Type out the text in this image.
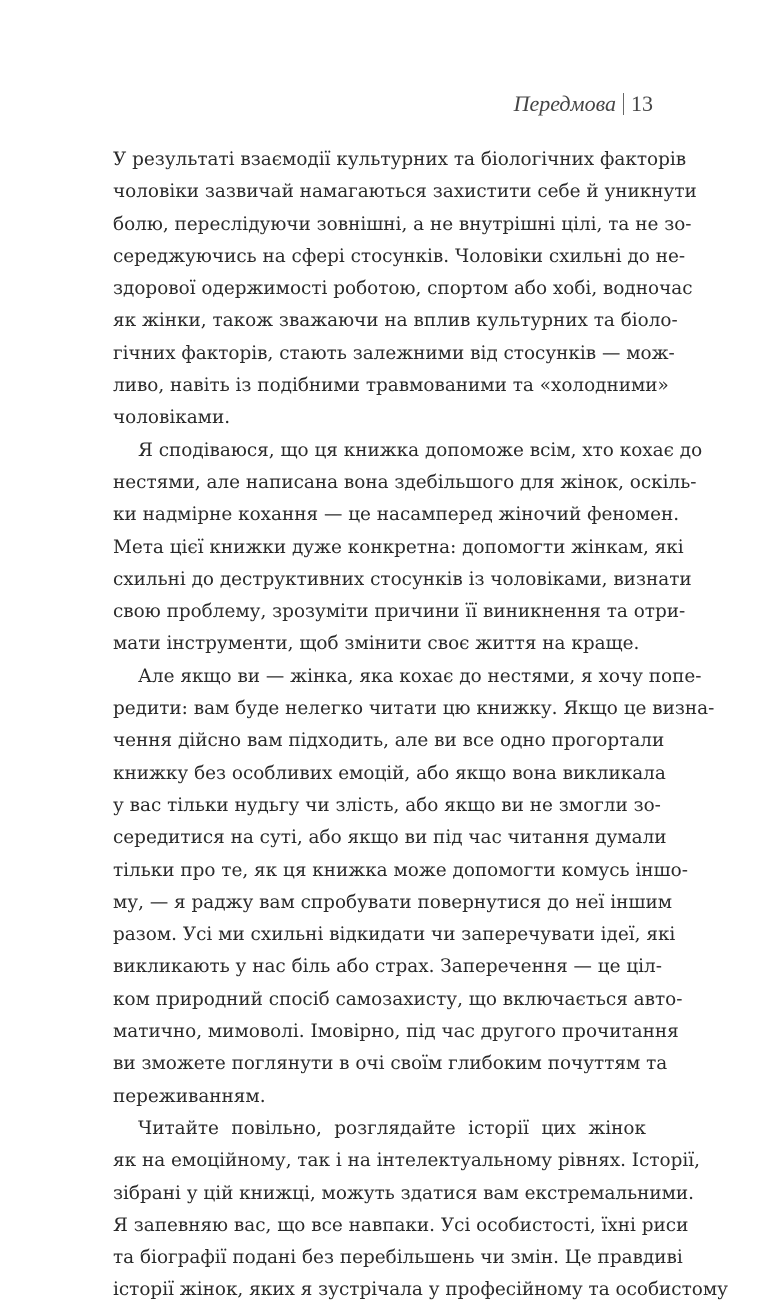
Передмова 13
У результаті взаємодії культурних та біологічних факторів
чоловіки зазвичай намагаються захистити себе й уникнути
болю, переслідуючи зовнішні, а не внутрішні цілі, та не зо-
середжуючись на сфері стосунків. Чоловіки схильні до не-
здорової одержимості роботою, спортом або хобі, водночас
як жінки, також зважаючи на вплив культурних та біоло-
гічних факторів, стають залежними від стосунків — мож-
ливо, навіть із подібними травмованими та «холодними»
чоловіками.
Я сподіваюся, що ця книжка допоможе всім, хто кохає до
нестями, але написана вона здебільшого для жінок, оскіль-
ки надмірне кохання — це насамперед жіночий феномен.
Мета цієї книжки дуже конкретна: допомогти жінкам, які
схильні до деструктивних стосунків із чоловіками, визнати
свою проблему, зрозуміти причини її виникнення та отри-
мати інструменти, щоб змінити своє життя на краще.
Але якщо ви — жінка, яка кохає до нестями, я хочу попе-
редити: вам буде нелегко читати цю книжку. Якщо це визна-
чення дійсно вам підходить, але ви все одно прогортали
книжку без особливих емоцій, або якщо вона викликала
у вас тільки нудьгу чи злість, або якщо ви не змогли зо-
середитися на суті, або якщо ви під час читання думали
тільки про те, як ця книжка може допомогти комусь іншо-
му, — я раджу вам спробувати повернутися до неї іншим
разом. Усі ми схильні відкидати чи заперечувати ідеї, які
викликають у нас біль або страх. Заперечення — це ціл-
ком природний спосіб самозахисту, що включається авто-
матично, мимоволі. Імовірно, під час другого прочитання
ви зможете поглянути в очі своїм глибоким почуттям та
переживанням.
Читайте повільно, розглядайте історії цих жінок
як на емоційному, так і на інтелектуальному рівнях. Історії,
зібрані у цій книжці, можуть здатися вам екстремальними.
Я запевняю вас, що все навпаки. Усі особистості, їхні риси
та біографії подані без перебільшень чи змін. Це правдиві
історії жінок, яких я зустрічала у професійному та особистому
